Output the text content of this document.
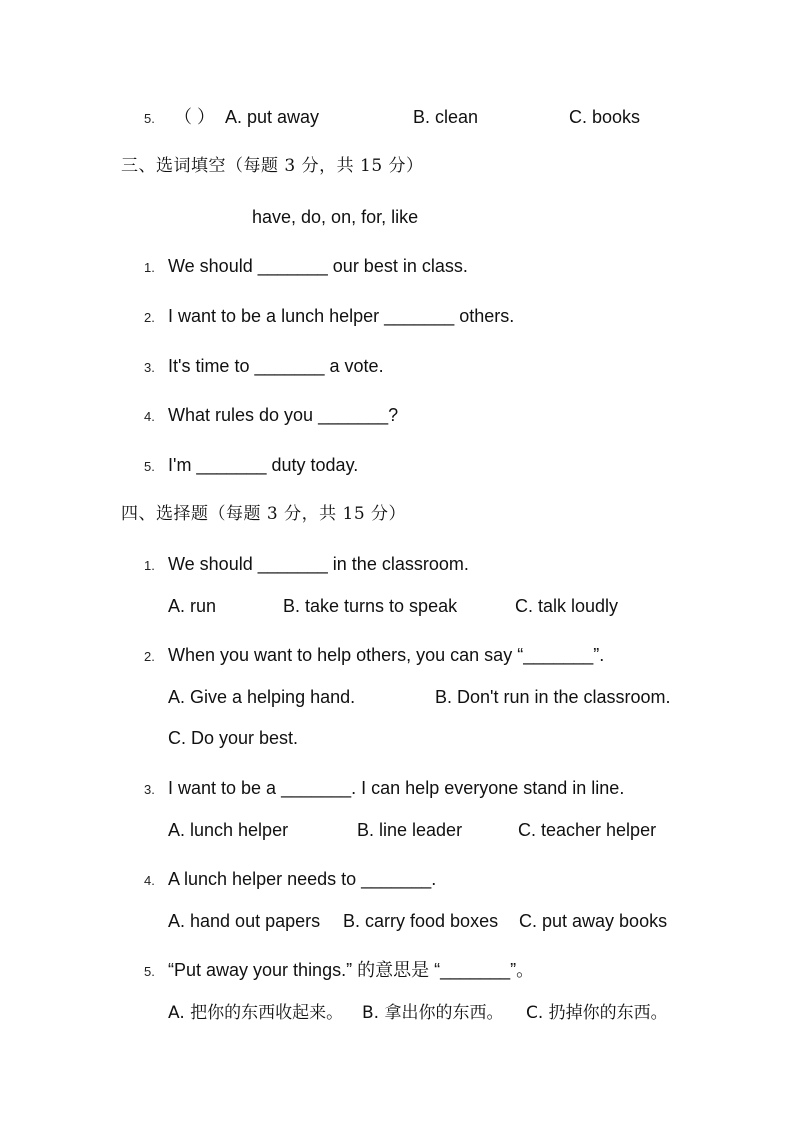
5. （ ） A. put away	B. clean	C. books
三、选词填空（每题 3 分，共 15 分）
have, do, on, for, like
1. We should _______ our best in class.
2. I want to be a lunch helper _______ others.
3. It's time to _______ a vote.
4. What rules do you _______?
5. I'm _______ duty today.
四、选择题（每题 3 分，共 15 分）
1. We should _______ in the classroom.
A. run	B. take turns to speak	C. talk loudly
2. When you want to help others, you can say “_______”.
A. Give a helping hand.	B. Don't run in the classroom.
C. Do your best.
3. I want to be a _______. I can help everyone stand in line.
A. lunch helper	B. line leader	C. teacher helper
4. A lunch helper needs to _______.
A. hand out papers B. carry food boxes C. put away books
5. “Put away your things.” 的意思是 “_______”。
A. 把你的东西收起来。 B. 拿出你的东西。 C. 扔掉你的东西。
